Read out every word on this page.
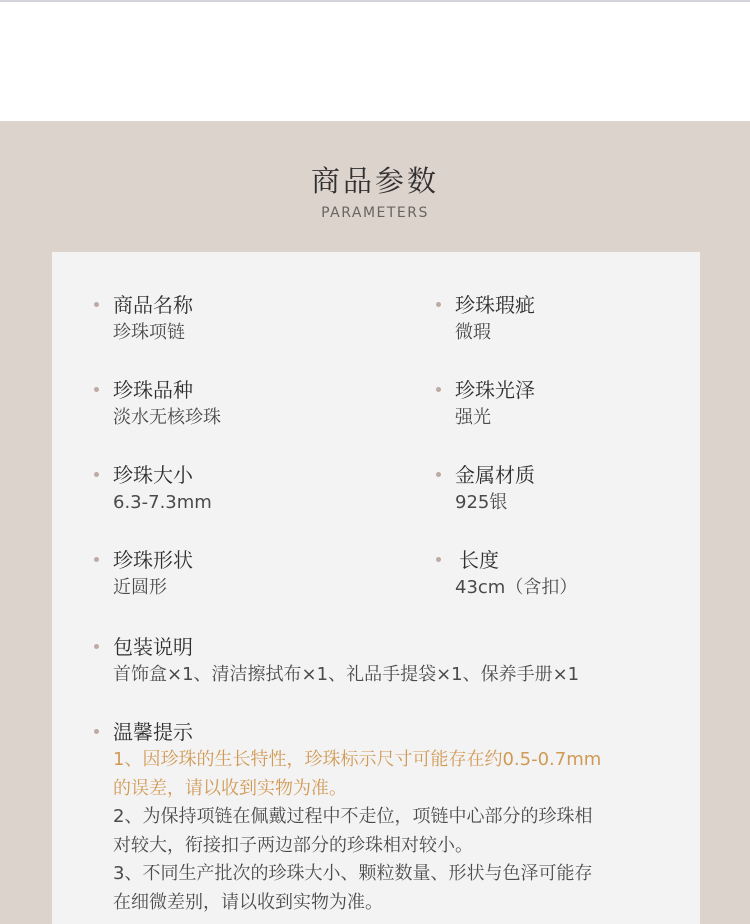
商品参数
PARAMETERS
商品名称
珍珠项链
珍珠瑕疵
微瑕
珍珠品种
淡水无核珍珠
珍珠光泽
强光
珍珠大小
6.3-7.3mm
金属材质
925银
珍珠形状
近圆形
长度
43cm（含扣）
包装说明
首饰盒×1、清洁擦拭布×1、礼品手提袋×1、保养手册×1
温馨提示
1、因珍珠的生长特性，珍珠标示尺寸可能存在约0.5-0.7mm
的误差，请以收到实物为准。
2、为保持项链在佩戴过程中不走位，项链中心部分的珍珠相
对较大，衔接扣子两边部分的珍珠相对较小。
3、不同生产批次的珍珠大小、颗粒数量、形状与色泽可能存
在细微差别，请以收到实物为准。
